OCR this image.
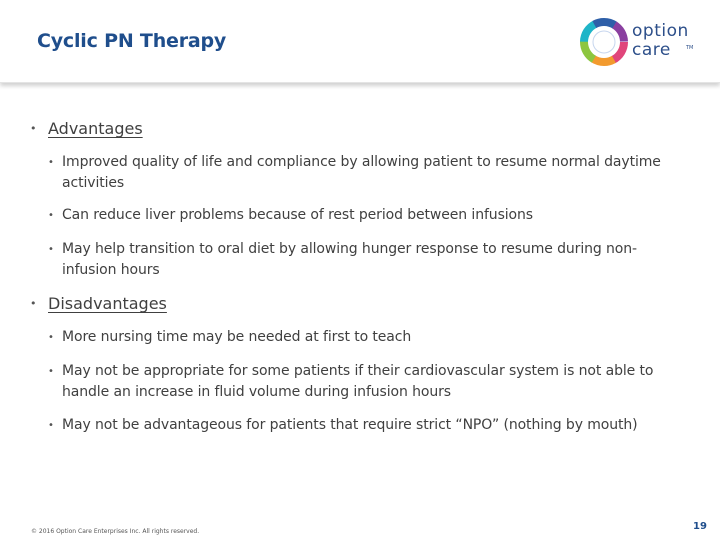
Cyclic PN Therapy	option
care	TM
• Advantages
• Improved quality of life and compliance by allowing patient to resume normal daytime activities
• Can reduce liver problems because of rest period between infusions
• May help transition to oral diet by allowing hunger response to resume during non-infusion hours
• Disadvantages
• More nursing time may be needed at first to teach
• May not be appropriate for some patients if their cardiovascular system is not able to handle an increase in fluid volume during infusion hours
• May not be advantageous for patients that require strict “NPO” (nothing by mouth)
© 2016 Option Care Enterprises Inc. All rights reserved.	19
